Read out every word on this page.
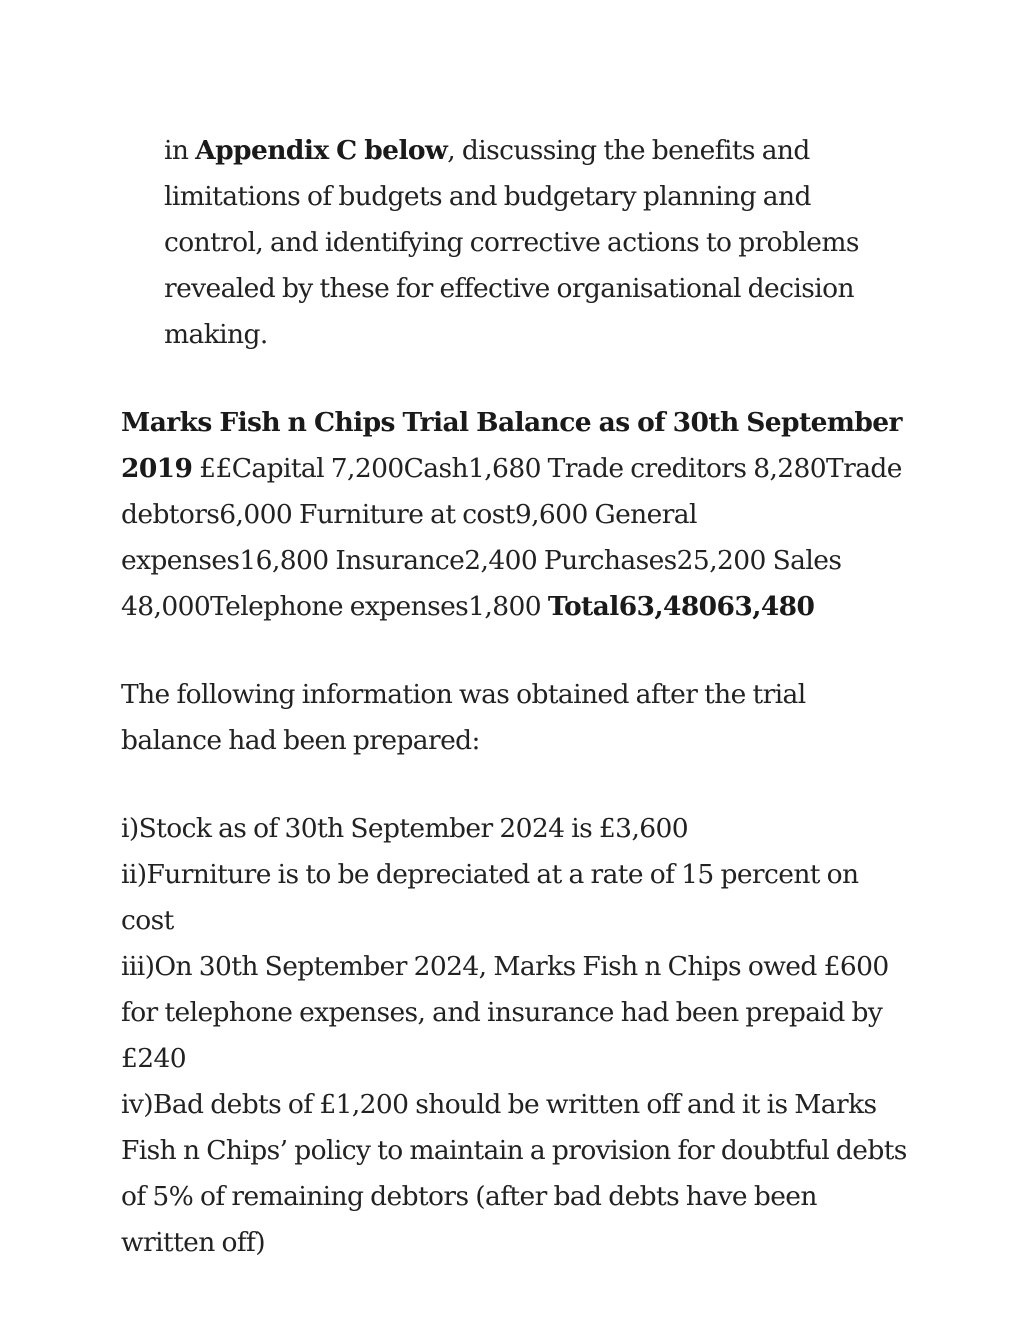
in Appendix C below, discussing the benefits and limitations of budgets and budgetary planning and control, and identifying corrective actions to problems revealed by these for effective organisational decision making.

Marks Fish n Chips Trial Balance as of 30th September 2019 ££Capital 7,200Cash1,680 Trade creditors 8,280Trade debtors6,000 Furniture at cost9,600 General expenses16,800 Insurance2,400 Purchases25,200 Sales 48,000Telephone expenses1,800 Total63,48063,480

The following information was obtained after the trial balance had been prepared:

i)Stock as of 30th September 2024 is £3,600
ii)Furniture is to be depreciated at a rate of 15 percent on cost
iii)On 30th September 2024, Marks Fish n Chips owed £600 for telephone expenses, and insurance had been prepaid by £240
iv)Bad debts of £1,200 should be written off and it is Marks Fish n Chips’ policy to maintain a provision for doubtful debts of 5% of remaining debtors (after bad debts have been written off)
